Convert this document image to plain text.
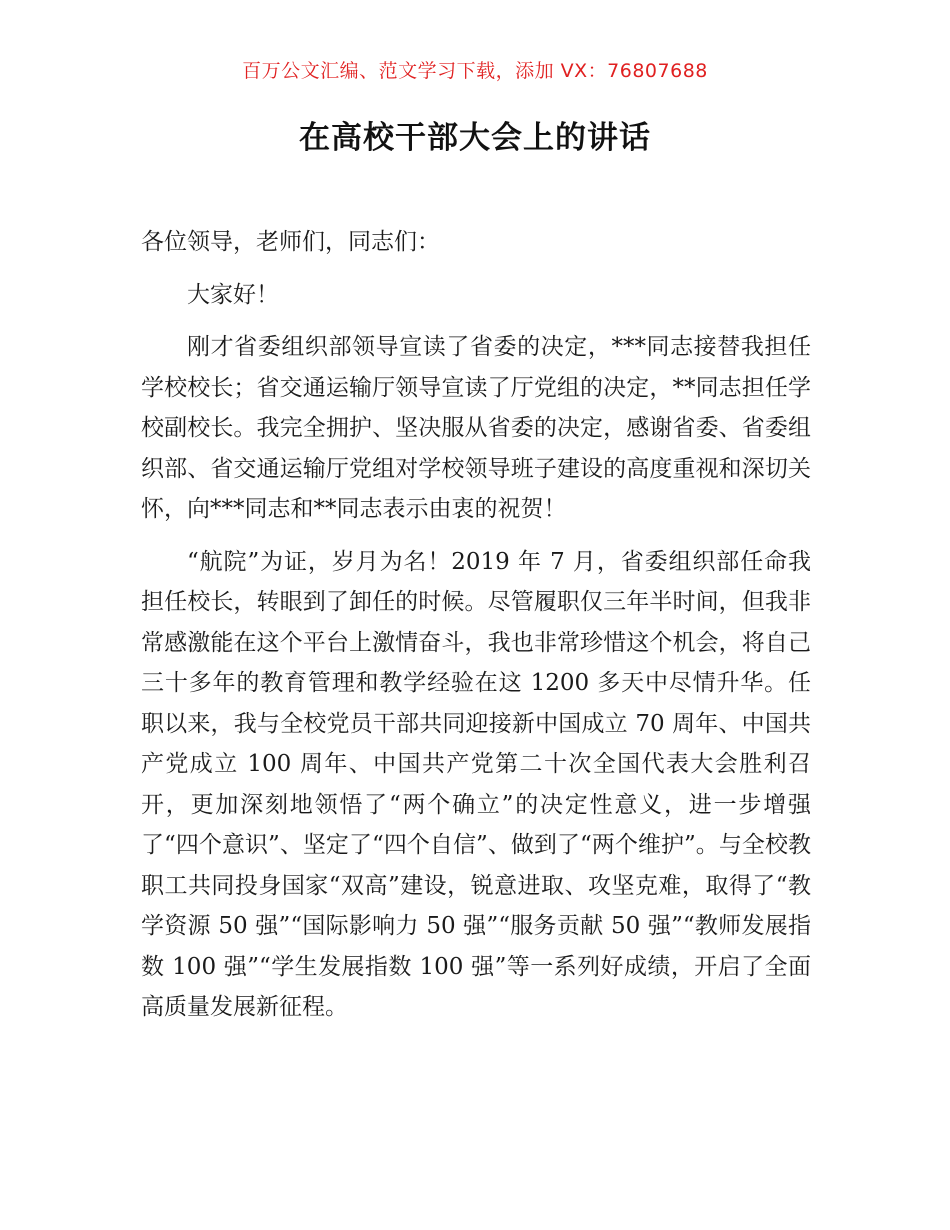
百万公文汇编、范文学习下载，添加 VX：76807688
在高校干部大会上的讲话

各位领导，老师们，同志们：

大家好！

刚才省委组织部领导宣读了省委的决定，***同志接替我担任学校校长；省交通运输厅领导宣读了厅党组的决定，**同志担任学校副校长。我完全拥护、坚决服从省委的决定，感谢省委、省委组织部、省交通运输厅党组对学校领导班子建设的高度重视和深切关怀，向***同志和**同志表示由衷的祝贺！

“航院”为证，岁月为名！2019 年 7 月，省委组织部任命我担任校长，转眼到了卸任的时候。尽管履职仅三年半时间，但我非常感激能在这个平台上激情奋斗，我也非常珍惜这个机会，将自己三十多年的教育管理和教学经验在这 1200 多天中尽情升华。任职以来，我与全校党员干部共同迎接新中国成立 70 周年、中国共产党成立 100 周年、中国共产党第二十次全国代表大会胜利召开，更加深刻地领悟了“两个确立”的决定性意义，进一步增强了“四个意识”、坚定了“四个自信”、做到了“两个维护”。与全校教职工共同投身国家“双高”建设，锐意进取、攻坚克难，取得了“教学资源 50 强”“国际影响力 50 强”“服务贡献 50 强”“教师发展指数 100 强”“学生发展指数 100 强”等一系列好成绩，开启了全面高质量发展新征程。
